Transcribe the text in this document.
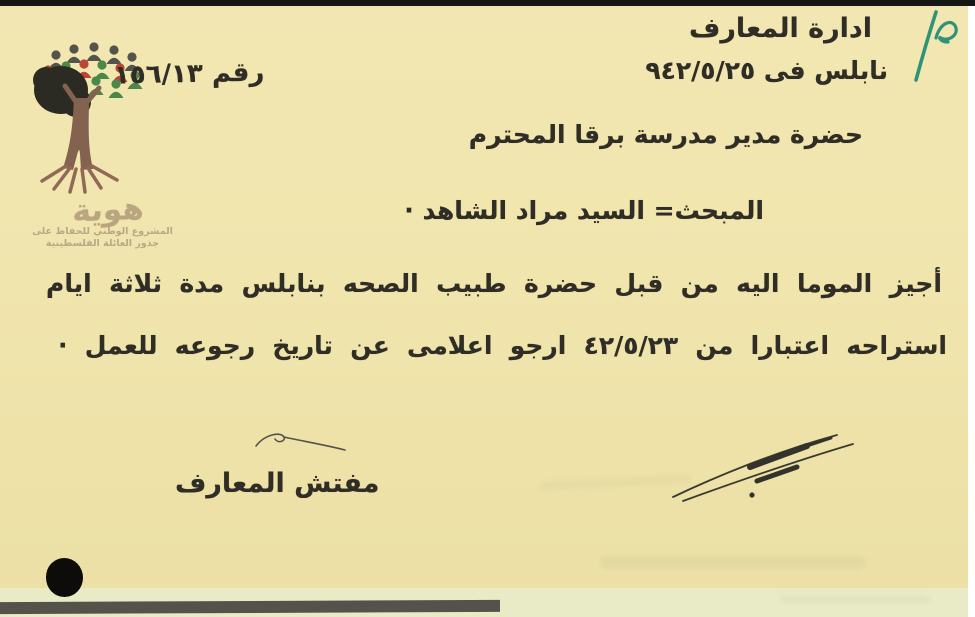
هوية
المشروع الوطني للحفاظ على
جذور العائلة الفلسطينية
ادارة المعارف
نابلس فى ٩٤٢/٥/٢٥
رقم ١٥٦/١٣
حضرة مدير مدرسة برقا المحترم
المبحث= السيد مراد الشاهد ·
أجيز الموما اليه من قبل حضرة طبيب الصحه بنابلس مدة ثلاثة ايام
استراحه اعتبارا من ٤٢/٥/٢٣ ارجو اعلامى عن تاريخ رجوعه للعمل ·
مفتش المعارف
